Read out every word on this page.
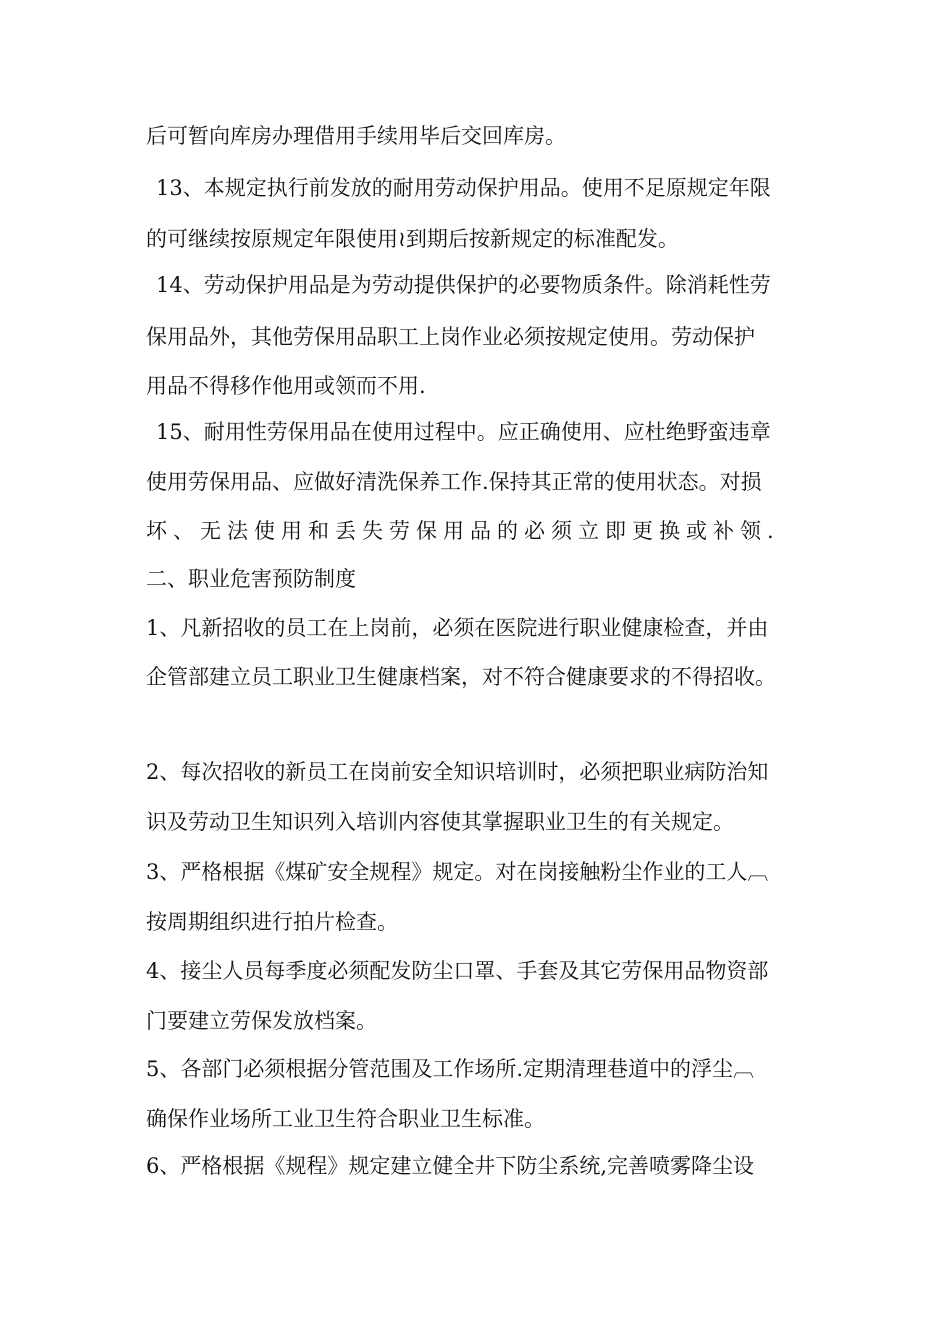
后可暂向库房办理借用手续用毕后交回库房。

13、本规定执行前发放的耐用劳动保护用品。使用不足原规定年限

的可继续按原规定年限使用≀到期后按新规定的标准配发。

14、劳动保护用品是为劳动提供保护的必要物质条件。除消耗性劳

保用品外，其他劳保用品职工上岗作业必须按规定使用。劳动保护

用品不得移作他用或领而不用.

15、耐用性劳保用品在使用过程中。应正确使用、应杜绝野蛮违章

使用劳保用品、应做好清洗保养工作.保持其正常的使用状态。对损

坏、无法使用和丢失劳保用品的必须立即更换或补领.

二、职业危害预防制度

1、凡新招收的员工在上岗前，必须在医院进行职业健康检查，并由

企管部建立员工职业卫生健康档案，对不符合健康要求的不得招收。

2、每次招收的新员工在岗前安全知识培训时，必须把职业病防治知

识及劳动卫生知识列入培训内容使其掌握职业卫生的有关规定。

3、严格根据《煤矿安全规程》规定。对在岗接触粉尘作业的工人︹

按周期组织进行拍片检查。

4、接尘人员每季度必须配发防尘口罩、手套及其它劳保用品物资部

门要建立劳保发放档案。

5、各部门必须根据分管范围及工作场所.定期清理巷道中的浮尘︹

确保作业场所工业卫生符合职业卫生标准。

6、严格根据《规程》规定建立健全井下防尘系统,完善喷雾降尘设
